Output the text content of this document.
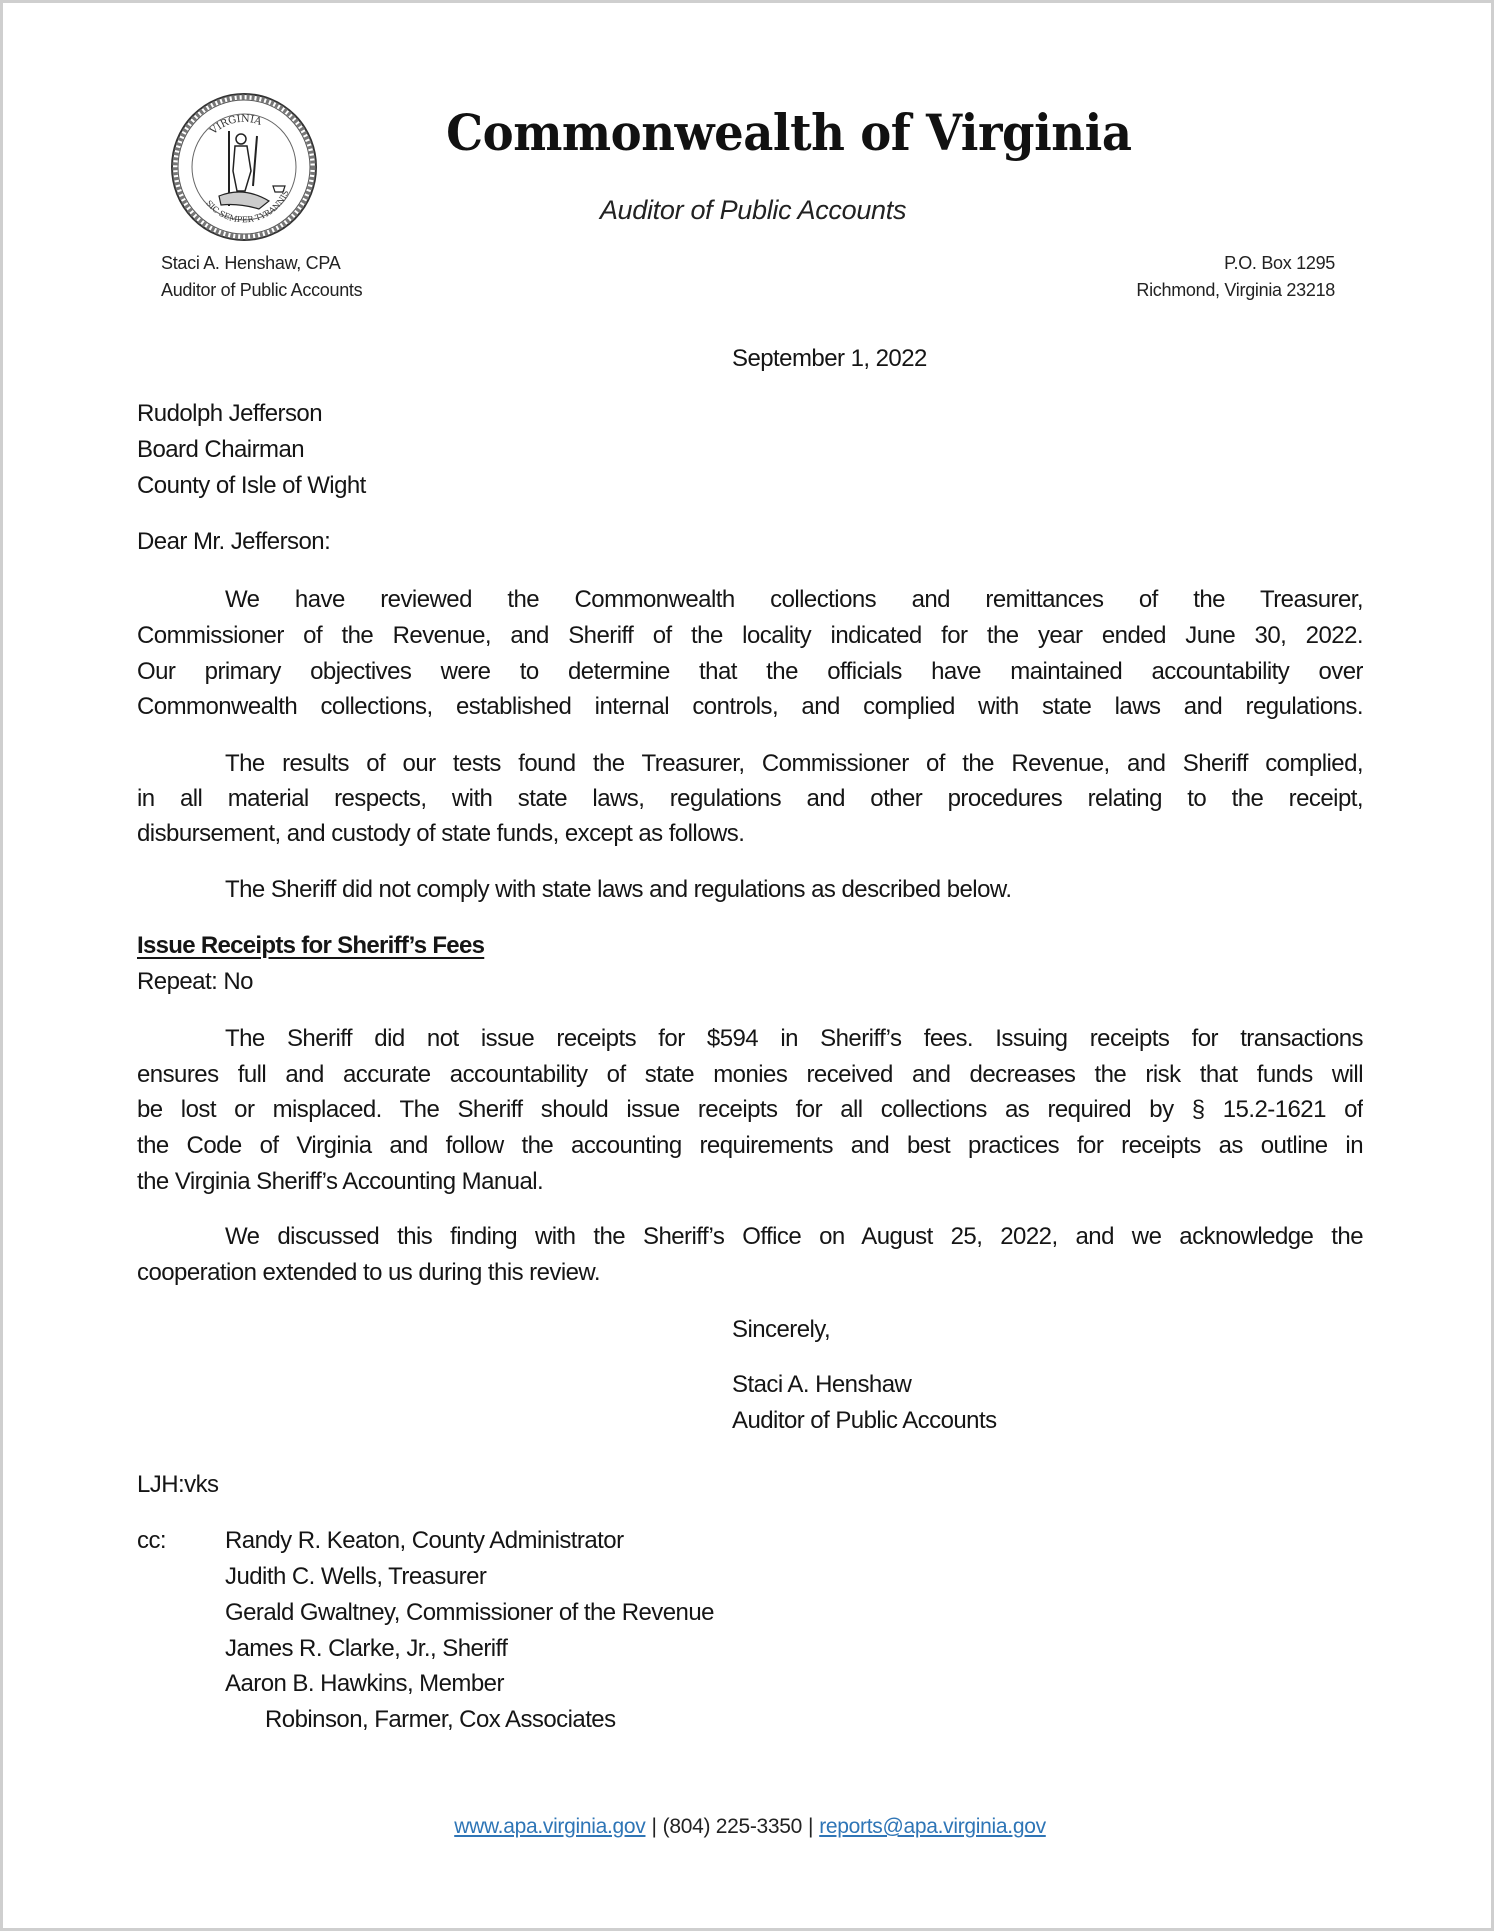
VIRGINIA
SIC SEMPER TYRANNIS
Commonwealth of Virginia
Auditor of Public Accounts
Staci A. Henshaw, CPA
Auditor of Public Accounts
P.O. Box 1295
Richmond, Virginia 23218
September 1, 2022
Rudolph Jefferson
Board Chairman
County of Isle of Wight
Dear Mr. Jefferson:
We have reviewed the Commonwealth collections and remittances of the Treasurer,
Commissioner of the Revenue, and Sheriff of the locality indicated for the year ended June 30, 2022.
Our primary objectives were to determine that the officials have maintained accountability over
Commonwealth collections, established internal controls, and complied with state laws and regulations.
The results of our tests found the Treasurer, Commissioner of the Revenue, and Sheriff complied,
in all material respects, with state laws, regulations and other procedures relating to the receipt,
disbursement, and custody of state funds, except as follows.
The Sheriff did not comply with state laws and regulations as described below.
Issue Receipts for Sheriff’s Fees
Repeat: No
The Sheriff did not issue receipts for $594 in Sheriff’s fees. Issuing receipts for transactions
ensures full and accurate accountability of state monies received and decreases the risk that funds will
be lost or misplaced. The Sheriff should issue receipts for all collections as required by § 15.2-1621 of
the Code of Virginia and follow the accounting requirements and best practices for receipts as outline in
the Virginia Sheriff’s Accounting Manual.
We discussed this finding with the Sheriff’s Office on August 25, 2022, and we acknowledge the
cooperation extended to us during this review.
Sincerely,
Staci A. Henshaw
Auditor of Public Accounts
LJH:vks
cc: Randy R. Keaton, County Administrator
Judith C. Wells, Treasurer
Gerald Gwaltney, Commissioner of the Revenue
James R. Clarke, Jr., Sheriff
Aaron B. Hawkins, Member
Robinson, Farmer, Cox Associates
www.apa.virginia.gov | (804) 225-3350 | reports@apa.virginia.gov
